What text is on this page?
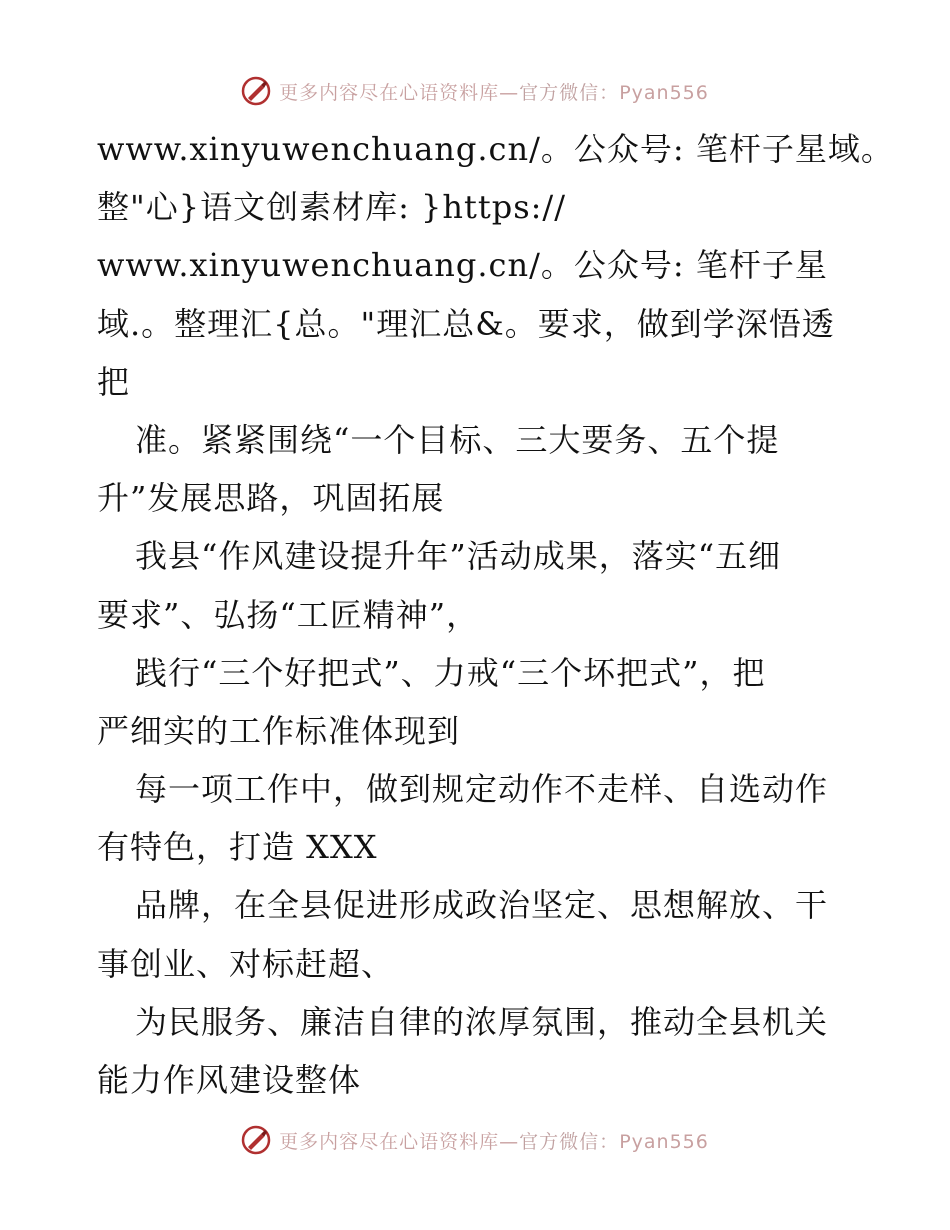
更多内容尽在心语资料库—官方微信：Pyan556
www.xinyuwenchuang.cn/。公众号: 笔杆子星域。
整"心}语文创素材库: }https://
www.xinyuwenchuang.cn/。公众号: 笔杆子星
域.。整理汇{总。"理汇总&。要求，做到学深悟透
把
准。紧紧围绕“一个目标、三大要务、五个提
升”发展思路，巩固拓展
我县“作风建设提升年”活动成果，落实“五细
要求”、弘扬“工匠精神”，
践行“三个好把式”、力戒“三个坏把式”，把
严细实的工作标准体现到
每一项工作中，做到规定动作不走样、自选动作
有特色，打造 XXX
品牌，在全县促进形成政治坚定、思想解放、干
事创业、对标赶超、
为民服务、廉洁自律的浓厚氛围，推动全县机关
能力作风建设整体
更多内容尽在心语资料库—官方微信：Pyan556
